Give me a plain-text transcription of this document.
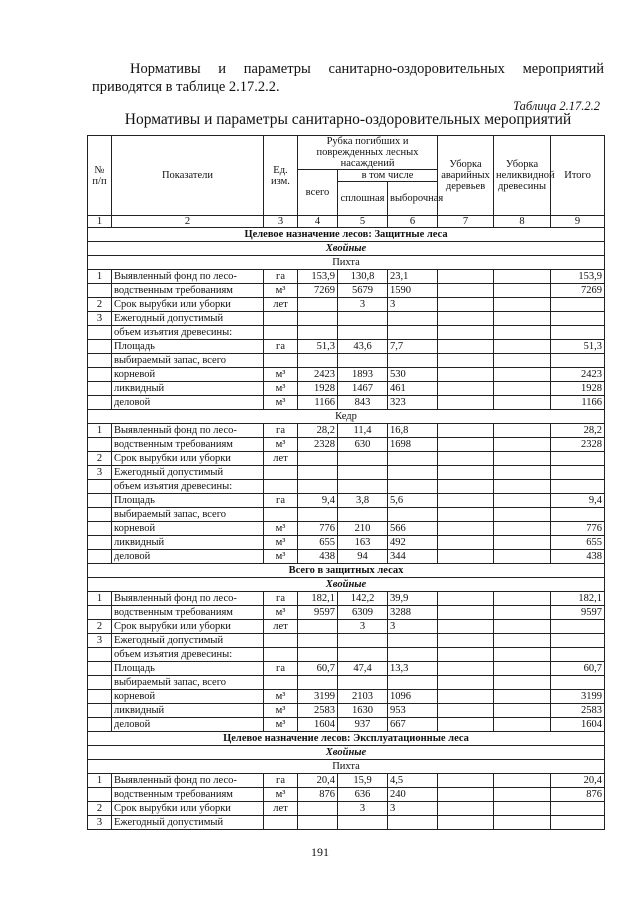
Нормативы и параметры санитарно-оздоровительных мероприятий
приводятся в таблице 2.17.2.2.
Таблица 2.17.2.2
Нормативы и параметры санитарно-оздоровительных мероприятий
№ п/п	Показатели	Ед. изм.	Рубка погибших и поврежденных лесных насаждений			Уборка аварийных деревьев	Уборка неликвидной древесины	Итого
			всего	в том числе				
				сплошная	выборочная			
1	2	3	4	5	6	7	8	9
Целевое назначение лесов: Защитные леса								
Хвойные								
Пихта								
1	Выявленный фонд по лесо-	га	153,9	130,8	23,1			153,9
	водственным требованиям	м³	7269	5679	1590			7269
2	Срок вырубки или уборки	лет		3	3			
3	Ежегодный допустимый							
	объем изъятия древесины:							
	Площадь	га	51,3	43,6	7,7			51,3
	выбираемый запас, всего							
	корневой	м³	2423	1893	530			2423
	ликвидный	м³	1928	1467	461			1928
	деловой	м³	1166	843	323			1166
Кедр								
1	Выявленный фонд по лесо-	га	28,2	11,4	16,8			28,2
	водственным требованиям	м³	2328	630	1698			2328
2	Срок вырубки или уборки	лет						
3	Ежегодный допустимый							
	объем изъятия древесины:							
	Площадь	га	9,4	3,8	5,6			9,4
	выбираемый запас, всего							
	корневой	м³	776	210	566			776
	ликвидный	м³	655	163	492			655
	деловой	м³	438	94	344			438
Всего в защитных лесах								
Хвойные								
1	Выявленный фонд по лесо-	га	182,1	142,2	39,9			182,1
	водственным требованиям	м³	9597	6309	3288			9597
2	Срок вырубки или уборки	лет		3	3			
3	Ежегодный допустимый							
	объем изъятия древесины:							
	Площадь	га	60,7	47,4	13,3			60,7
	выбираемый запас, всего							
	корневой	м³	3199	2103	1096			3199
	ликвидный	м³	2583	1630	953			2583
	деловой	м³	1604	937	667			1604
Целевое назначение лесов: Эксплуатационные леса								
Хвойные								
Пихта								
1	Выявленный фонд по лесо-	га	20,4	15,9	4,5			20,4
	водственным требованиям	м³	876	636	240			876
2	Срок вырубки или уборки	лет		3	3			
3	Ежегодный допустимый							
191
